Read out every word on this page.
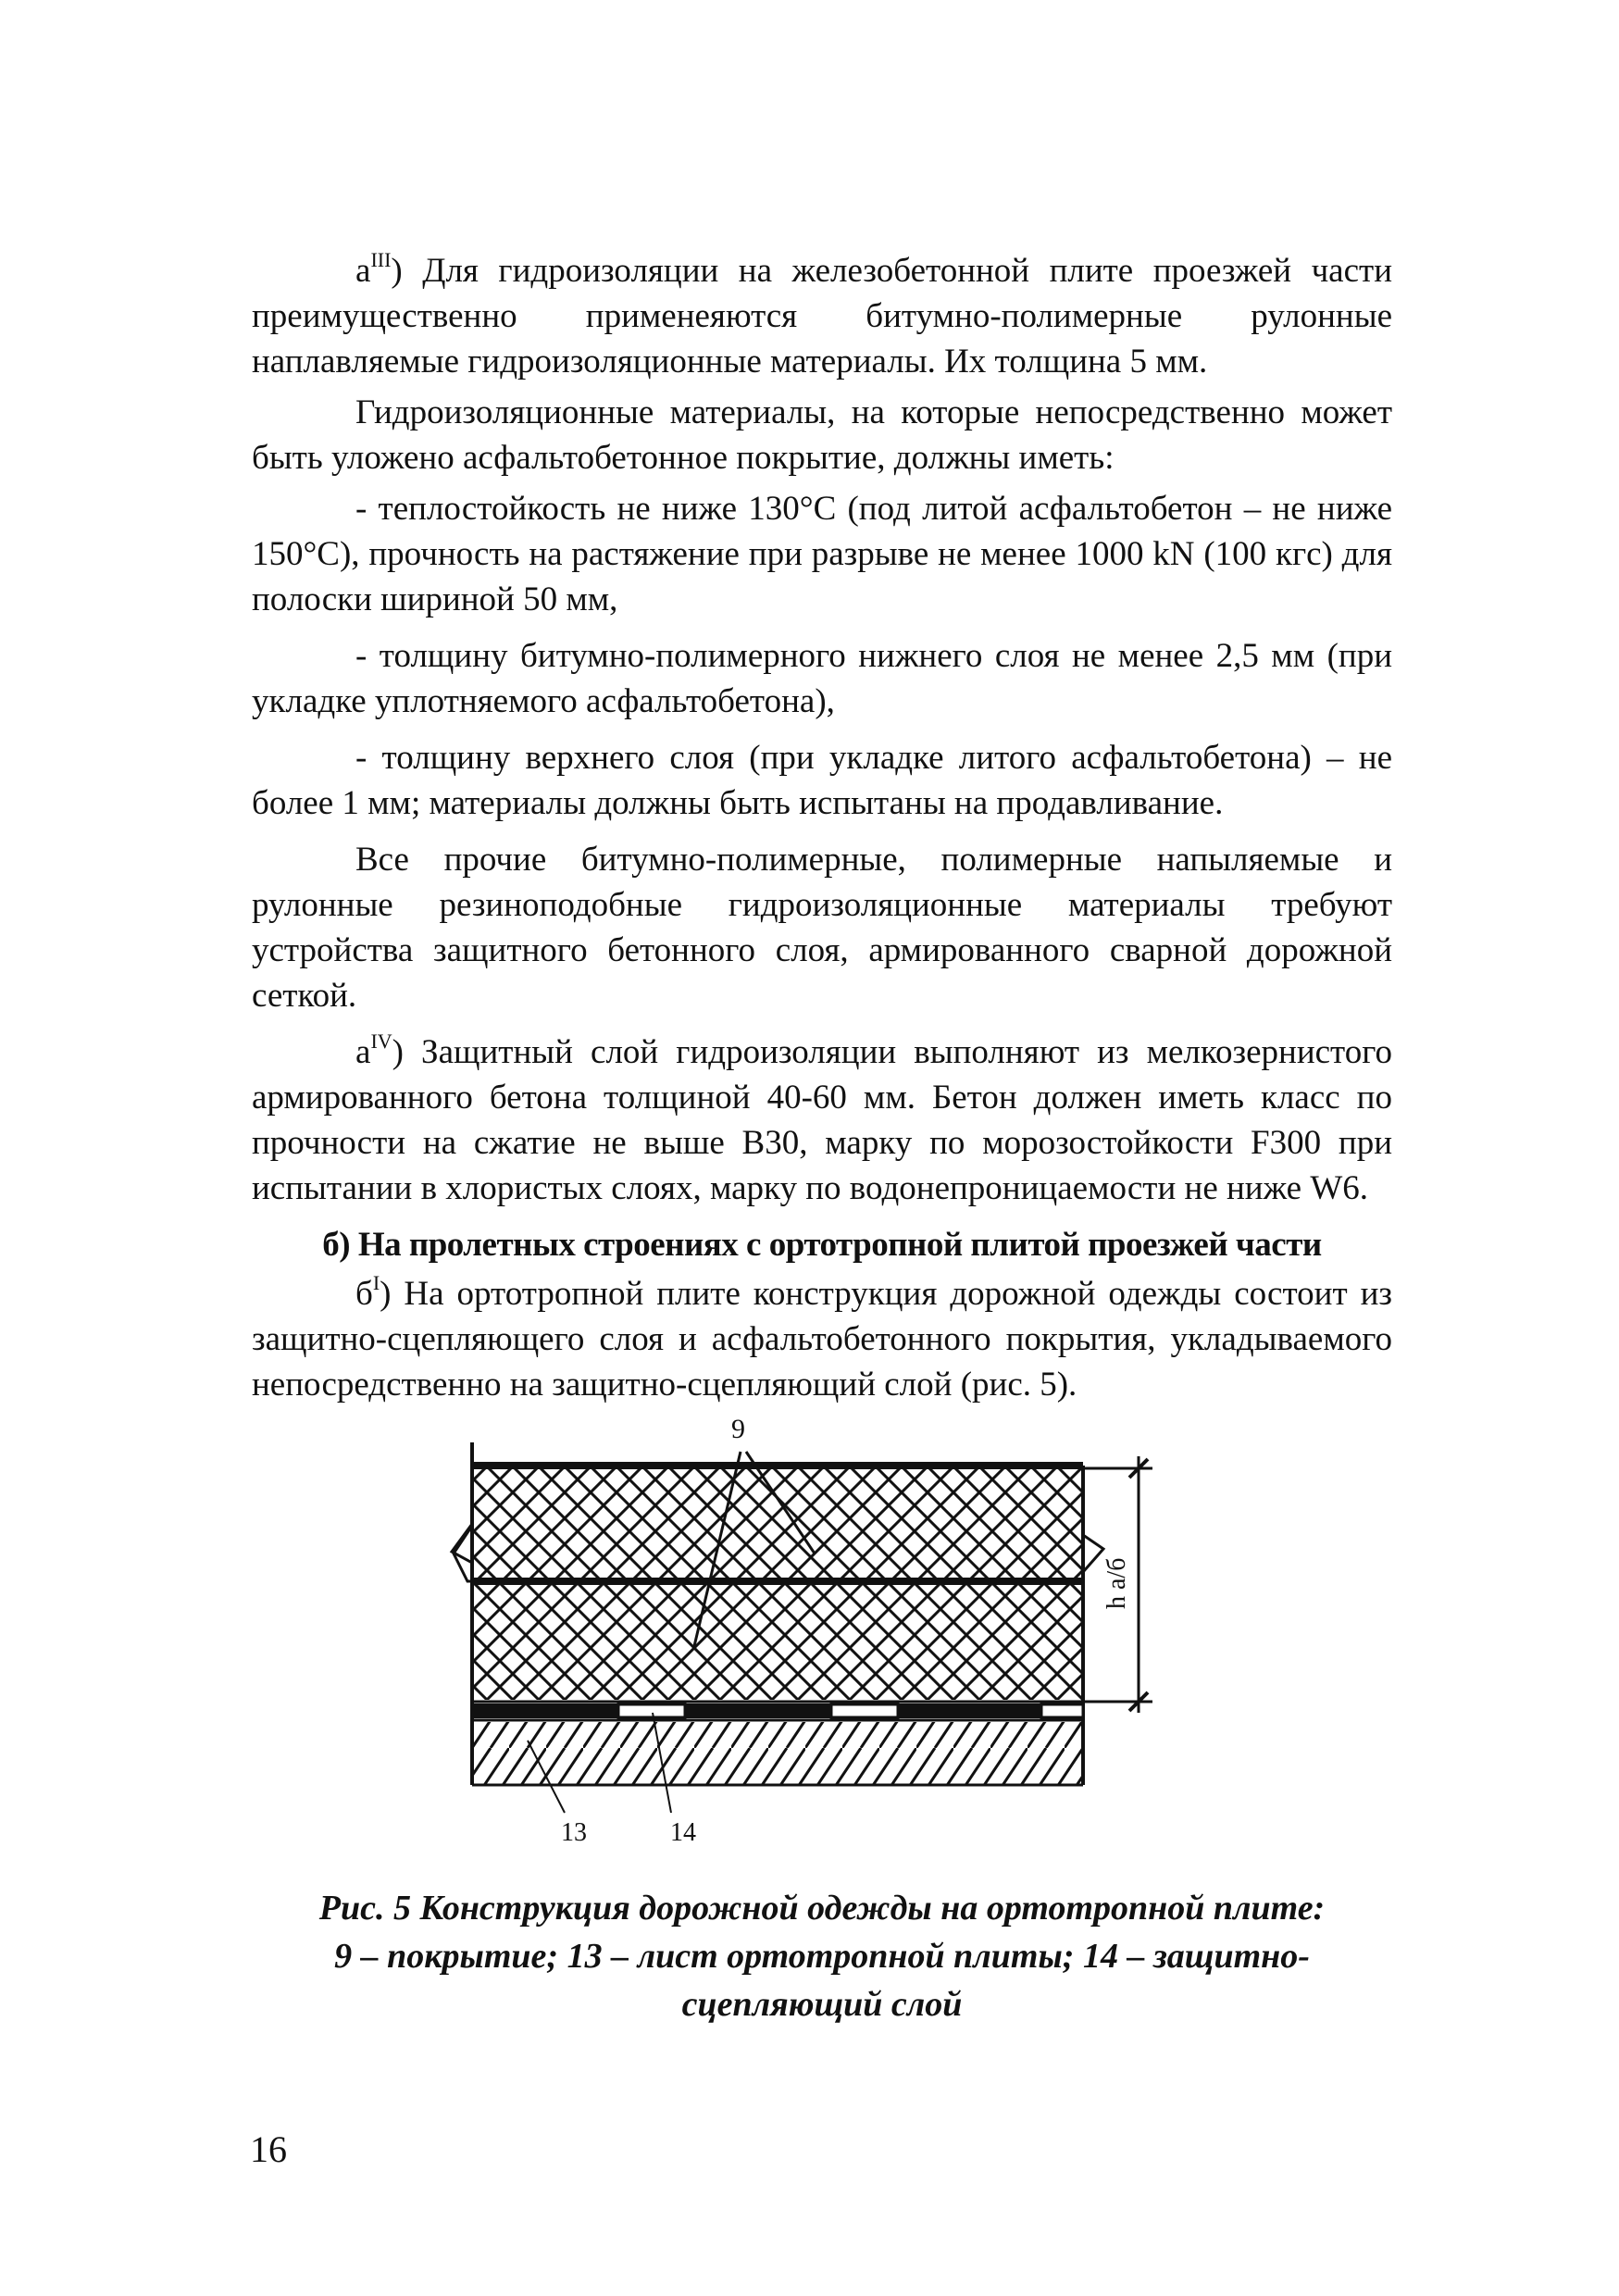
$a^{III}$) Для гидроизоляции на железобетонной плите проезжей части преимущественно применеяются битумно-полимерные рулонные наплавляемые гидроизоляционные материалы. Их толщина 5 мм.

Гидроизоляционные материалы, на которые непосредственно может быть уложено асфальтобетонное покрытие, должны иметь:

- теплостойкость не ниже 130°С (под литой асфальтобетон – не ниже 150°С), прочность на растяжение при разрыве не менее 1000 kN (100 кгс) для полоски шириной 50 мм,

- толщину битумно-полимерного нижнего слоя не менее 2,5 мм (при укладке уплотняемого асфальтобетона),

- толщину верхнего слоя (при укладке литого асфальтобетона) – не более 1 мм; материалы должны быть испытаны на продавливание.

Все прочие битумно-полимерные, полимерные напыляемые и рулонные резиноподобные гидроизоляционные материалы требуют устройства защитного бетонного слоя, армированного сварной дорожной сеткой.

$a^{IV}$) Защитный слой гидроизоляции выполняют из мелкозернистого армированного бетона толщиной 40-60 мм. Бетон должен иметь класс по прочности на сжатие не выше В30, марку по морозостойкости F300 при испытании в хлористых слоях, марку по водонепроницаемости не ниже W6.

б) На пролетных строениях с ортотропной плитой проезжей части

$б^I$) На ортотропной плите конструкция дорожной одежды состоит из защитно-сцепляющего слоя и асфальтобетонного покрытия, укладываемого непосредственно на защитно-сцепляющий слой (рис. 5).

h а/б
9
13	14
Рис. 5 Конструкция дорожной одежды на ортотропной плите:
9 – покрытие; 13 – лист ортотропной плиты; 14 – защитно-
сцепляющий слой
16
